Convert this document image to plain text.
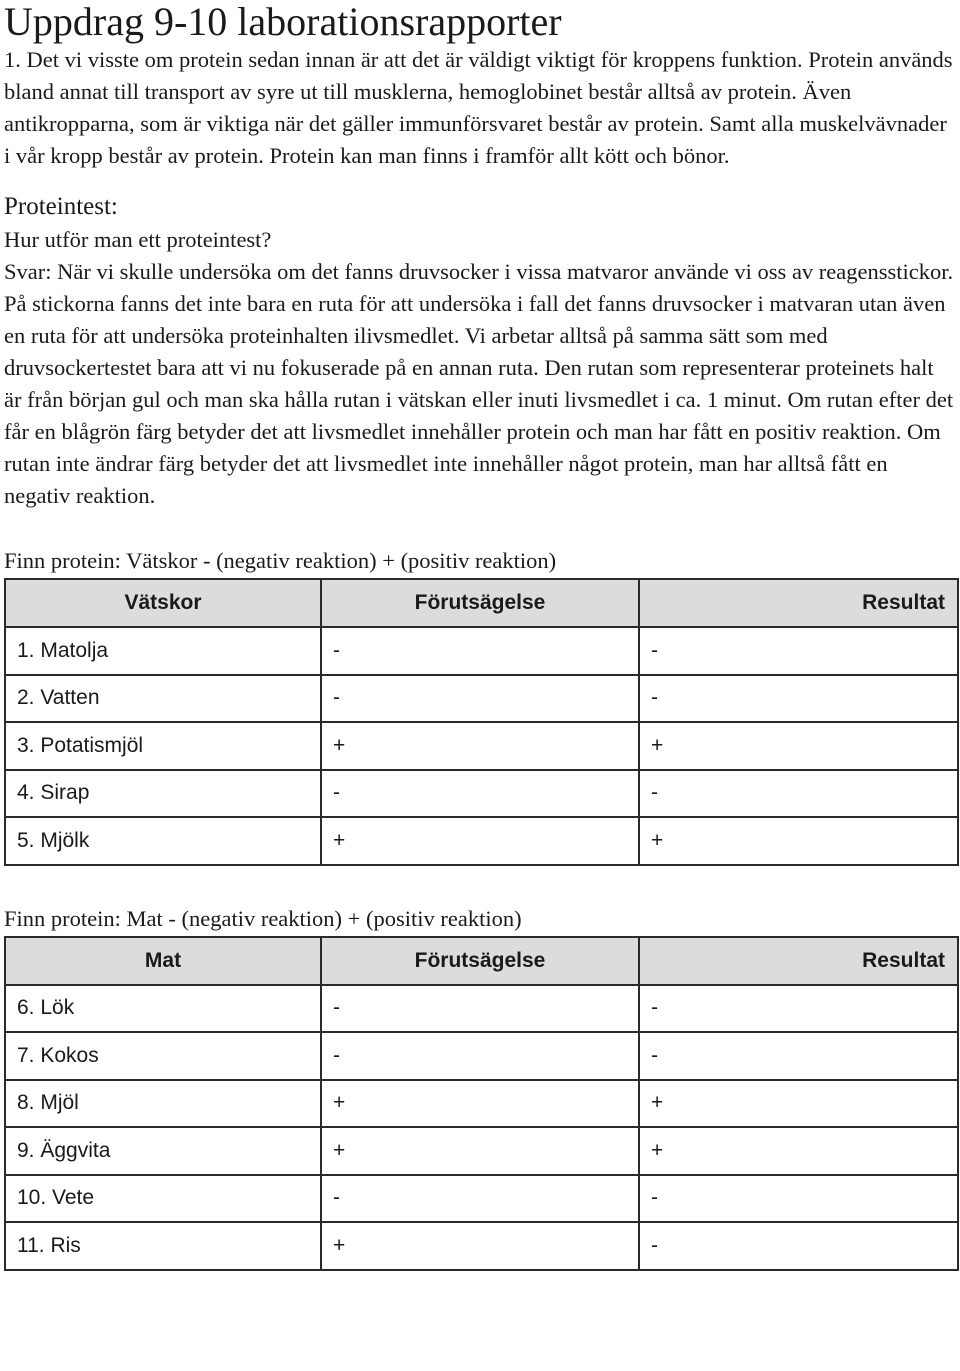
Uppdrag 9-10 laborationsrapporter

1. Det vi visste om protein sedan innan är att det är väldigt viktigt för kroppens funktion. Protein används bland annat till transport av syre ut till musklerna, hemoglobinet består alltså av protein. Även antikropparna, som är viktiga när det gäller immunförsvaret består av protein. Samt alla muskelvävnader i vår kropp består av protein. Protein kan man finns i framför allt kött och bönor.

Proteintest:

Hur utför man ett proteintest?

Svar: När vi skulle undersöka om det fanns druvsocker i vissa matvaror använde vi oss av reagensstickor. På stickorna fanns det inte bara en ruta för att undersöka i fall det fanns druvsocker i matvaran utan även en ruta för att undersöka proteinhalten ilivsmedlet. Vi arbetar alltså på samma sätt som med druvsockertestet bara att vi nu fokuserade på en annan ruta. Den rutan som representerar proteinets halt är från början gul och man ska hålla rutan i vätskan eller inuti livsmedlet i ca. 1 minut. Om rutan efter det får en blågrön färg betyder det att livsmedlet innehåller protein och man har fått en positiv reaktion. Om rutan inte ändrar färg betyder det att livsmedlet inte innehåller något protein, man har alltså fått en negativ reaktion.

Finn protein: Vätskor - (negativ reaktion) + (positiv reaktion)

Vätskor	Förutsägelse	Resultat
1. Matolja	-	-
2. Vatten	-	-
3. Potatismjöl	+	+
4. Sirap	-	-
5. Mjölk	+	+

Finn protein: Mat - (negativ reaktion) + (positiv reaktion)

Mat	Förutsägelse	Resultat
6. Lök	-	-
7. Kokos	-	-
8. Mjöl	+	+
9. Äggvita	+	+
10. Vete	-	-
11. Ris	+	-
